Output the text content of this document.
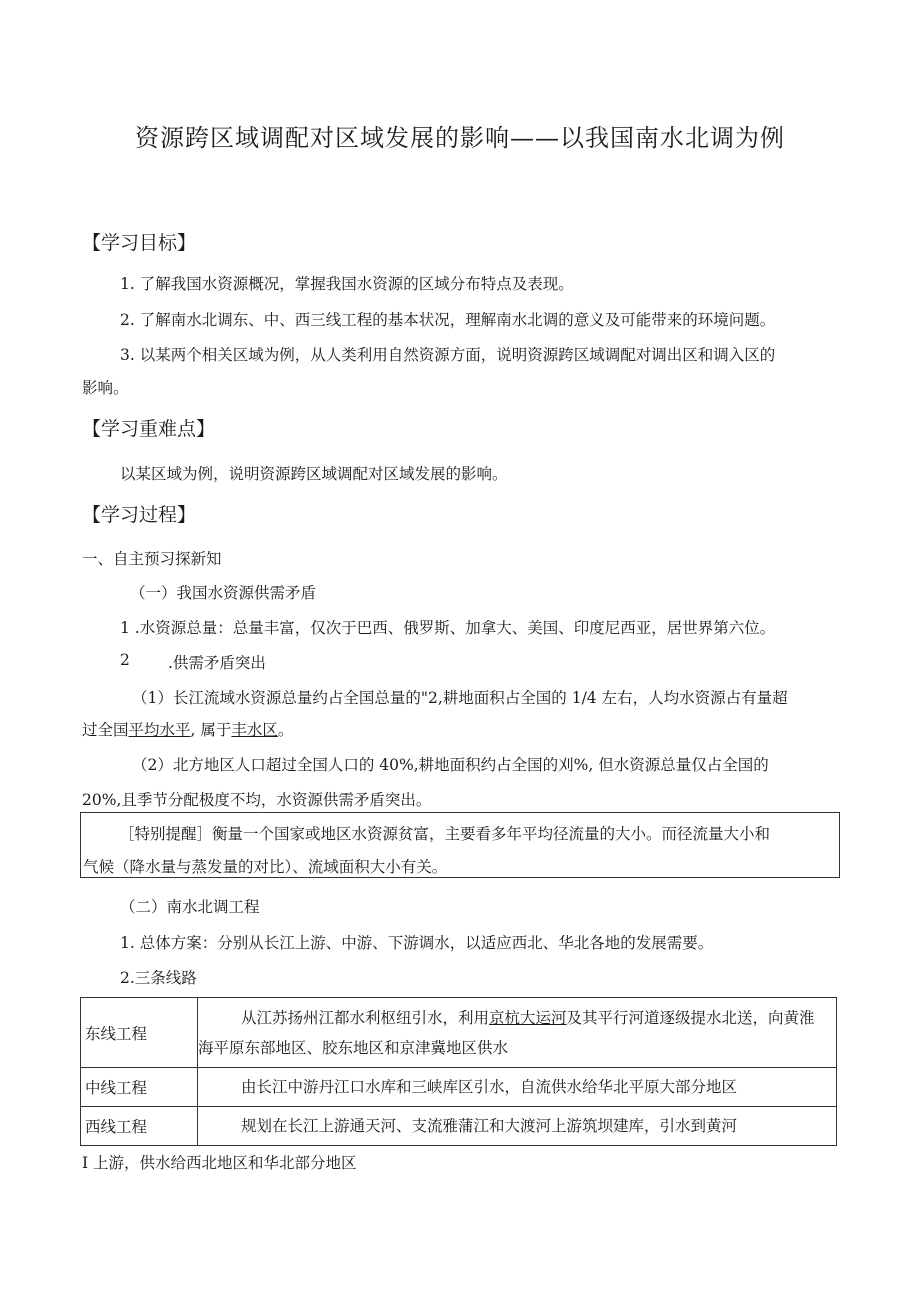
资源跨区域调配对区域发展的影响——以我国南水北调为例
【学习目标】
1. 了解我国水资源概况，掌握我国水资源的区域分布特点及表现。
2. 了解南水北调东、中、西三线工程的基本状况，理解南水北调的意义及可能带来的环境问题。
3. 以某两个相关区域为例，从人类利用自然资源方面，说明资源跨区域调配对调出区和调入区的
影响。
【学习重难点】
以某区域为例，说明资源跨区域调配对区域发展的影响。
【学习过程】
一、自主预习探新知
（一）我国水资源供需矛盾
1 .水资源总量：总量丰富，仅次于巴西、俄罗斯、加拿大、美国、印度尼西亚，居世界第六位。
2 .供需矛盾突出
（1）长江流域水资源总量约占全国总量的"2,耕地面积占全国的 1/4 左右，人均水资源占有量超
过全国平均水平, 属于丰水区。
（2）北方地区人口超过全国人口的 40%,耕地面积约占全国的刈%, 但水资源总量仅占全国的
20%,且季节分配极度不均，水资源供需矛盾突出。
［特别提醒］衡量一个国家或地区水资源贫富，主要看多年平均径流量的大小。而径流量大小和
气候（降水量与蒸发量的对比）、流域面积大小有关。
（二）南水北调工程
1. 总体方案：分别从长江上游、中游、下游调水，以适应西北、华北各地的发展需要。
2.三条线路
东线工程	从江苏扬州江都水利枢纽引水，利用京杭大运河及其平行河道逐级提水北送，向黄淮海平原东部地区、胶东地区和京津冀地区供水
中线工程	由长江中游丹江口水库和三峡库区引水，自流供水给华北平原大部分地区
西线工程	规划在长江上游通天河、支流雅蒲江和大渡河上游筑坝建库，引水到黄河
I 上游，供水给西北地区和华北部分地区
